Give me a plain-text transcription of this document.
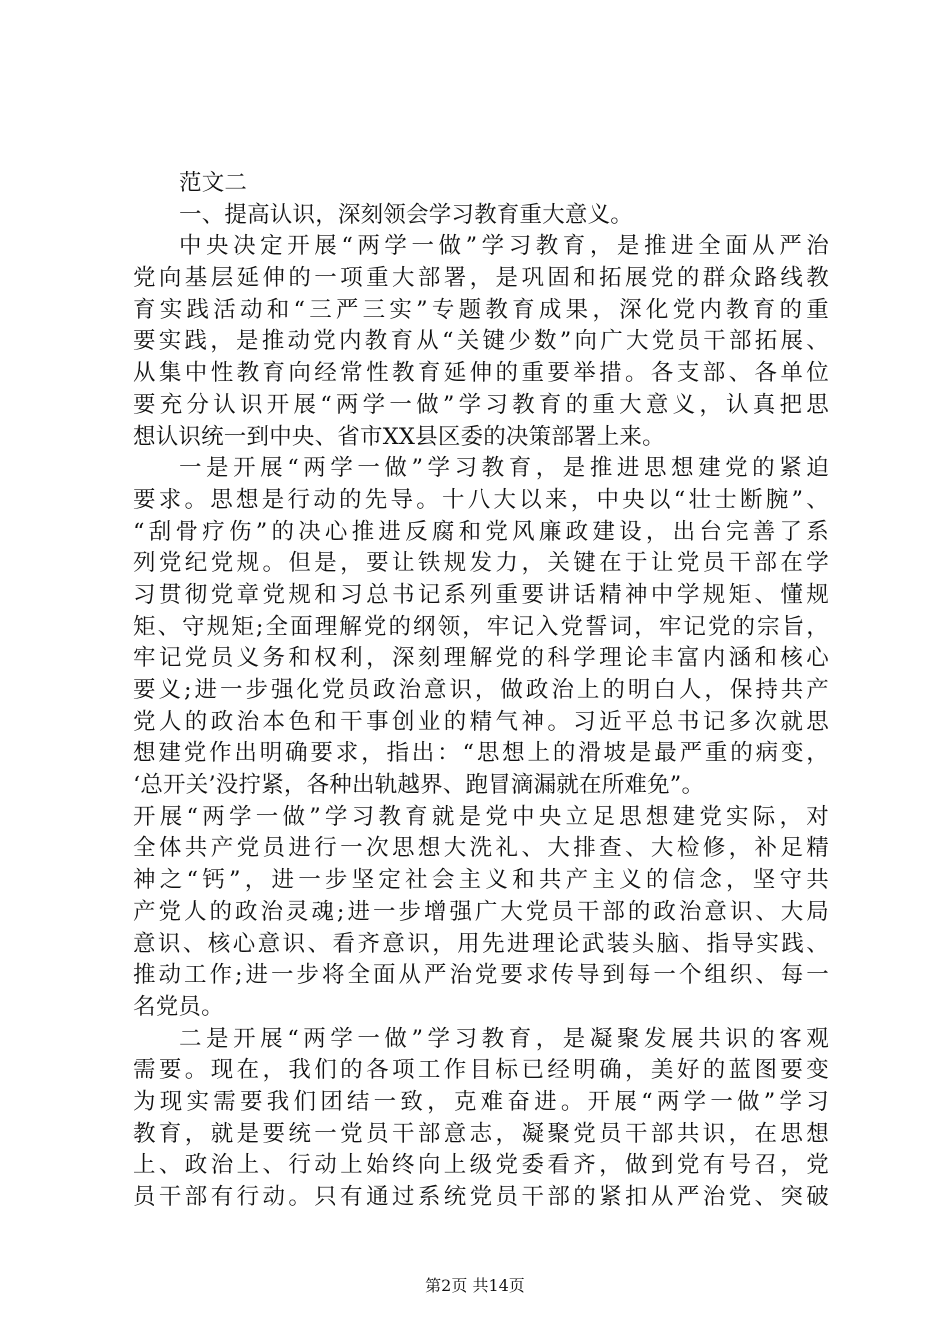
范文二
一、提高认识，深刻领会学习教育重大意义。
中央决定开展“两学一做”学习教育，是推进全面从严治
党向基层延伸的一项重大部署，是巩固和拓展党的群众路线教
育实践活动和“三严三实”专题教育成果，深化党内教育的重
要实践，是推动党内教育从“关键少数”向广大党员干部拓展、
从集中性教育向经常性教育延伸的重要举措。各支部、各单位
要充分认识开展“两学一做”学习教育的重大意义，认真把思
想认识统一到中央、省市XX县区委的决策部署上来。
一是开展“两学一做”学习教育，是推进思想建党的紧迫
要求。思想是行动的先导。十八大以来，中央以“壮士断腕”、
“刮骨疗伤”的决心推进反腐和党风廉政建设，出台完善了系
列党纪党规。但是，要让铁规发力，关键在于让党员干部在学
习贯彻党章党规和习总书记系列重要讲话精神中学规矩、懂规
矩、守规矩;全面理解党的纲领，牢记入党誓词，牢记党的宗旨，
牢记党员义务和权利，深刻理解党的科学理论丰富内涵和核心
要义;进一步强化党员政治意识，做政治上的明白人，保持共产
党人的政治本色和干事创业的精气神。习近平总书记多次就思
想建党作出明确要求，指出：“思想上的滑坡是最严重的病变，
‘总开关’没拧紧，各种出轨越界、跑冒滴漏就在所难免”。
开展“两学一做”学习教育就是党中央立足思想建党实际，对
全体共产党员进行一次思想大洗礼、大排查、大检修，补足精
神之“钙”，进一步坚定社会主义和共产主义的信念，坚守共
产党人的政治灵魂;进一步增强广大党员干部的政治意识、大局
意识、核心意识、看齐意识，用先进理论武装头脑、指导实践、
推动工作;进一步将全面从严治党要求传导到每一个组织、每一
名党员。
二是开展“两学一做”学习教育，是凝聚发展共识的客观
需要。现在，我们的各项工作目标已经明确，美好的蓝图要变
为现实需要我们团结一致，克难奋进。开展“两学一做”学习
教育，就是要统一党员干部意志，凝聚党员干部共识，在思想
上、政治上、行动上始终向上级党委看齐，做到党有号召，党
员干部有行动。只有通过系统党员干部的紧扣从严治党、突破
第2页 共14页
